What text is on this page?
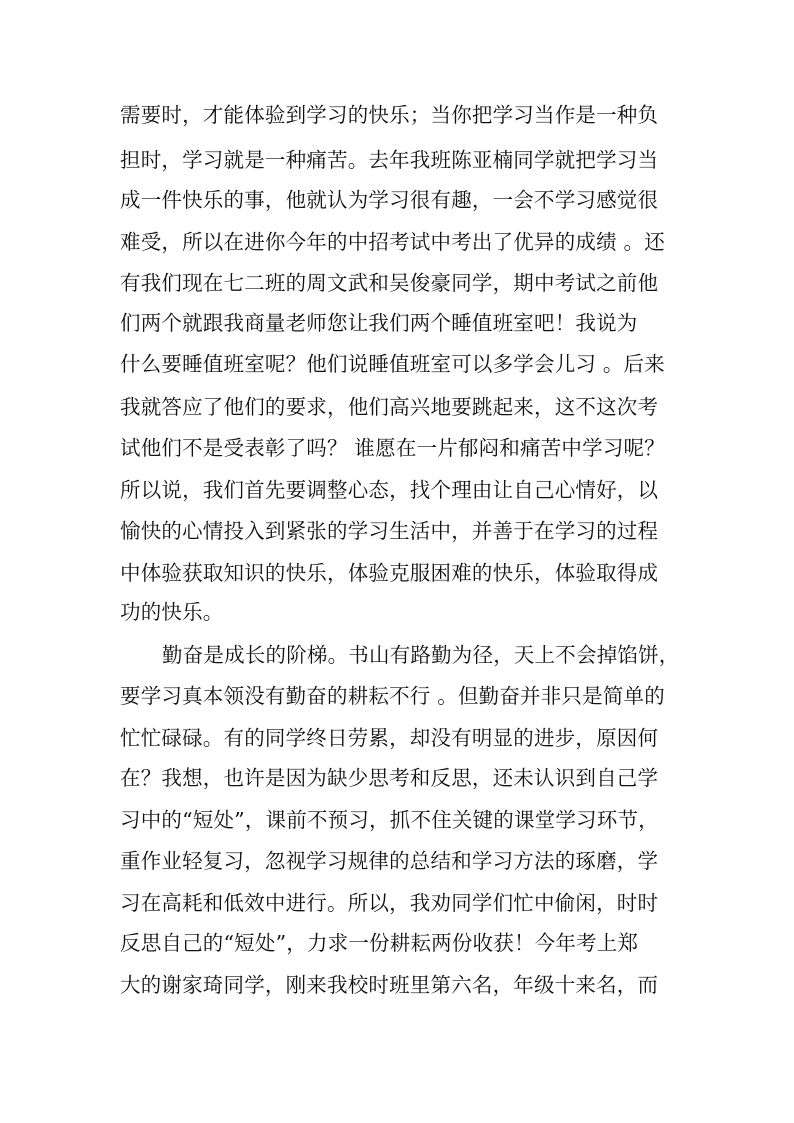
需要时，才能体验到学习的快乐；当你把学习当作是一种负
担时，学习就是一种痛苦。去年我班陈亚楠同学就把学习当
成一件快乐的事，他就认为学习很有趣，一会不学习感觉很
难受，所以在进你今年的中招考试中考出了优异的成绩 。还
有我们现在七二班的周文武和吴俊豪同学，期中考试之前他
们两个就跟我商量老师您让我们两个睡值班室吧！我说为
什么要睡值班室呢？他们说睡值班室可以多学会儿习 。后来
我就答应了他们的要求，他们高兴地要跳起来，这不这次考
试他们不是受表彰了吗？ 谁愿在一片郁闷和痛苦中学习呢？
所以说，我们首先要调整心态，找个理由让自己心情好，以
愉快的心情投入到紧张的学习生活中，并善于在学习的过程
中体验获取知识的快乐，体验克服困难的快乐，体验取得成
功的快乐。
勤奋是成长的阶梯。书山有路勤为径，天上不会掉馅饼，
要学习真本领没有勤奋的耕耘不行 。但勤奋并非只是简单的
忙忙碌碌。有的同学终日劳累，却没有明显的进步，原因何
在？我想，也许是因为缺少思考和反思，还未认识到自己学
习中的“短处”，课前不预习，抓不住关键的课堂学习环节，
重作业轻复习，忽视学习规律的总结和学习方法的琢磨，学
习在高耗和低效中进行。所以，我劝同学们忙中偷闲，时时
反思自己的“短处”，力求一份耕耘两份收获！今年考上郑
大的谢家琦同学，刚来我校时班里第六名，年级十来名，而
